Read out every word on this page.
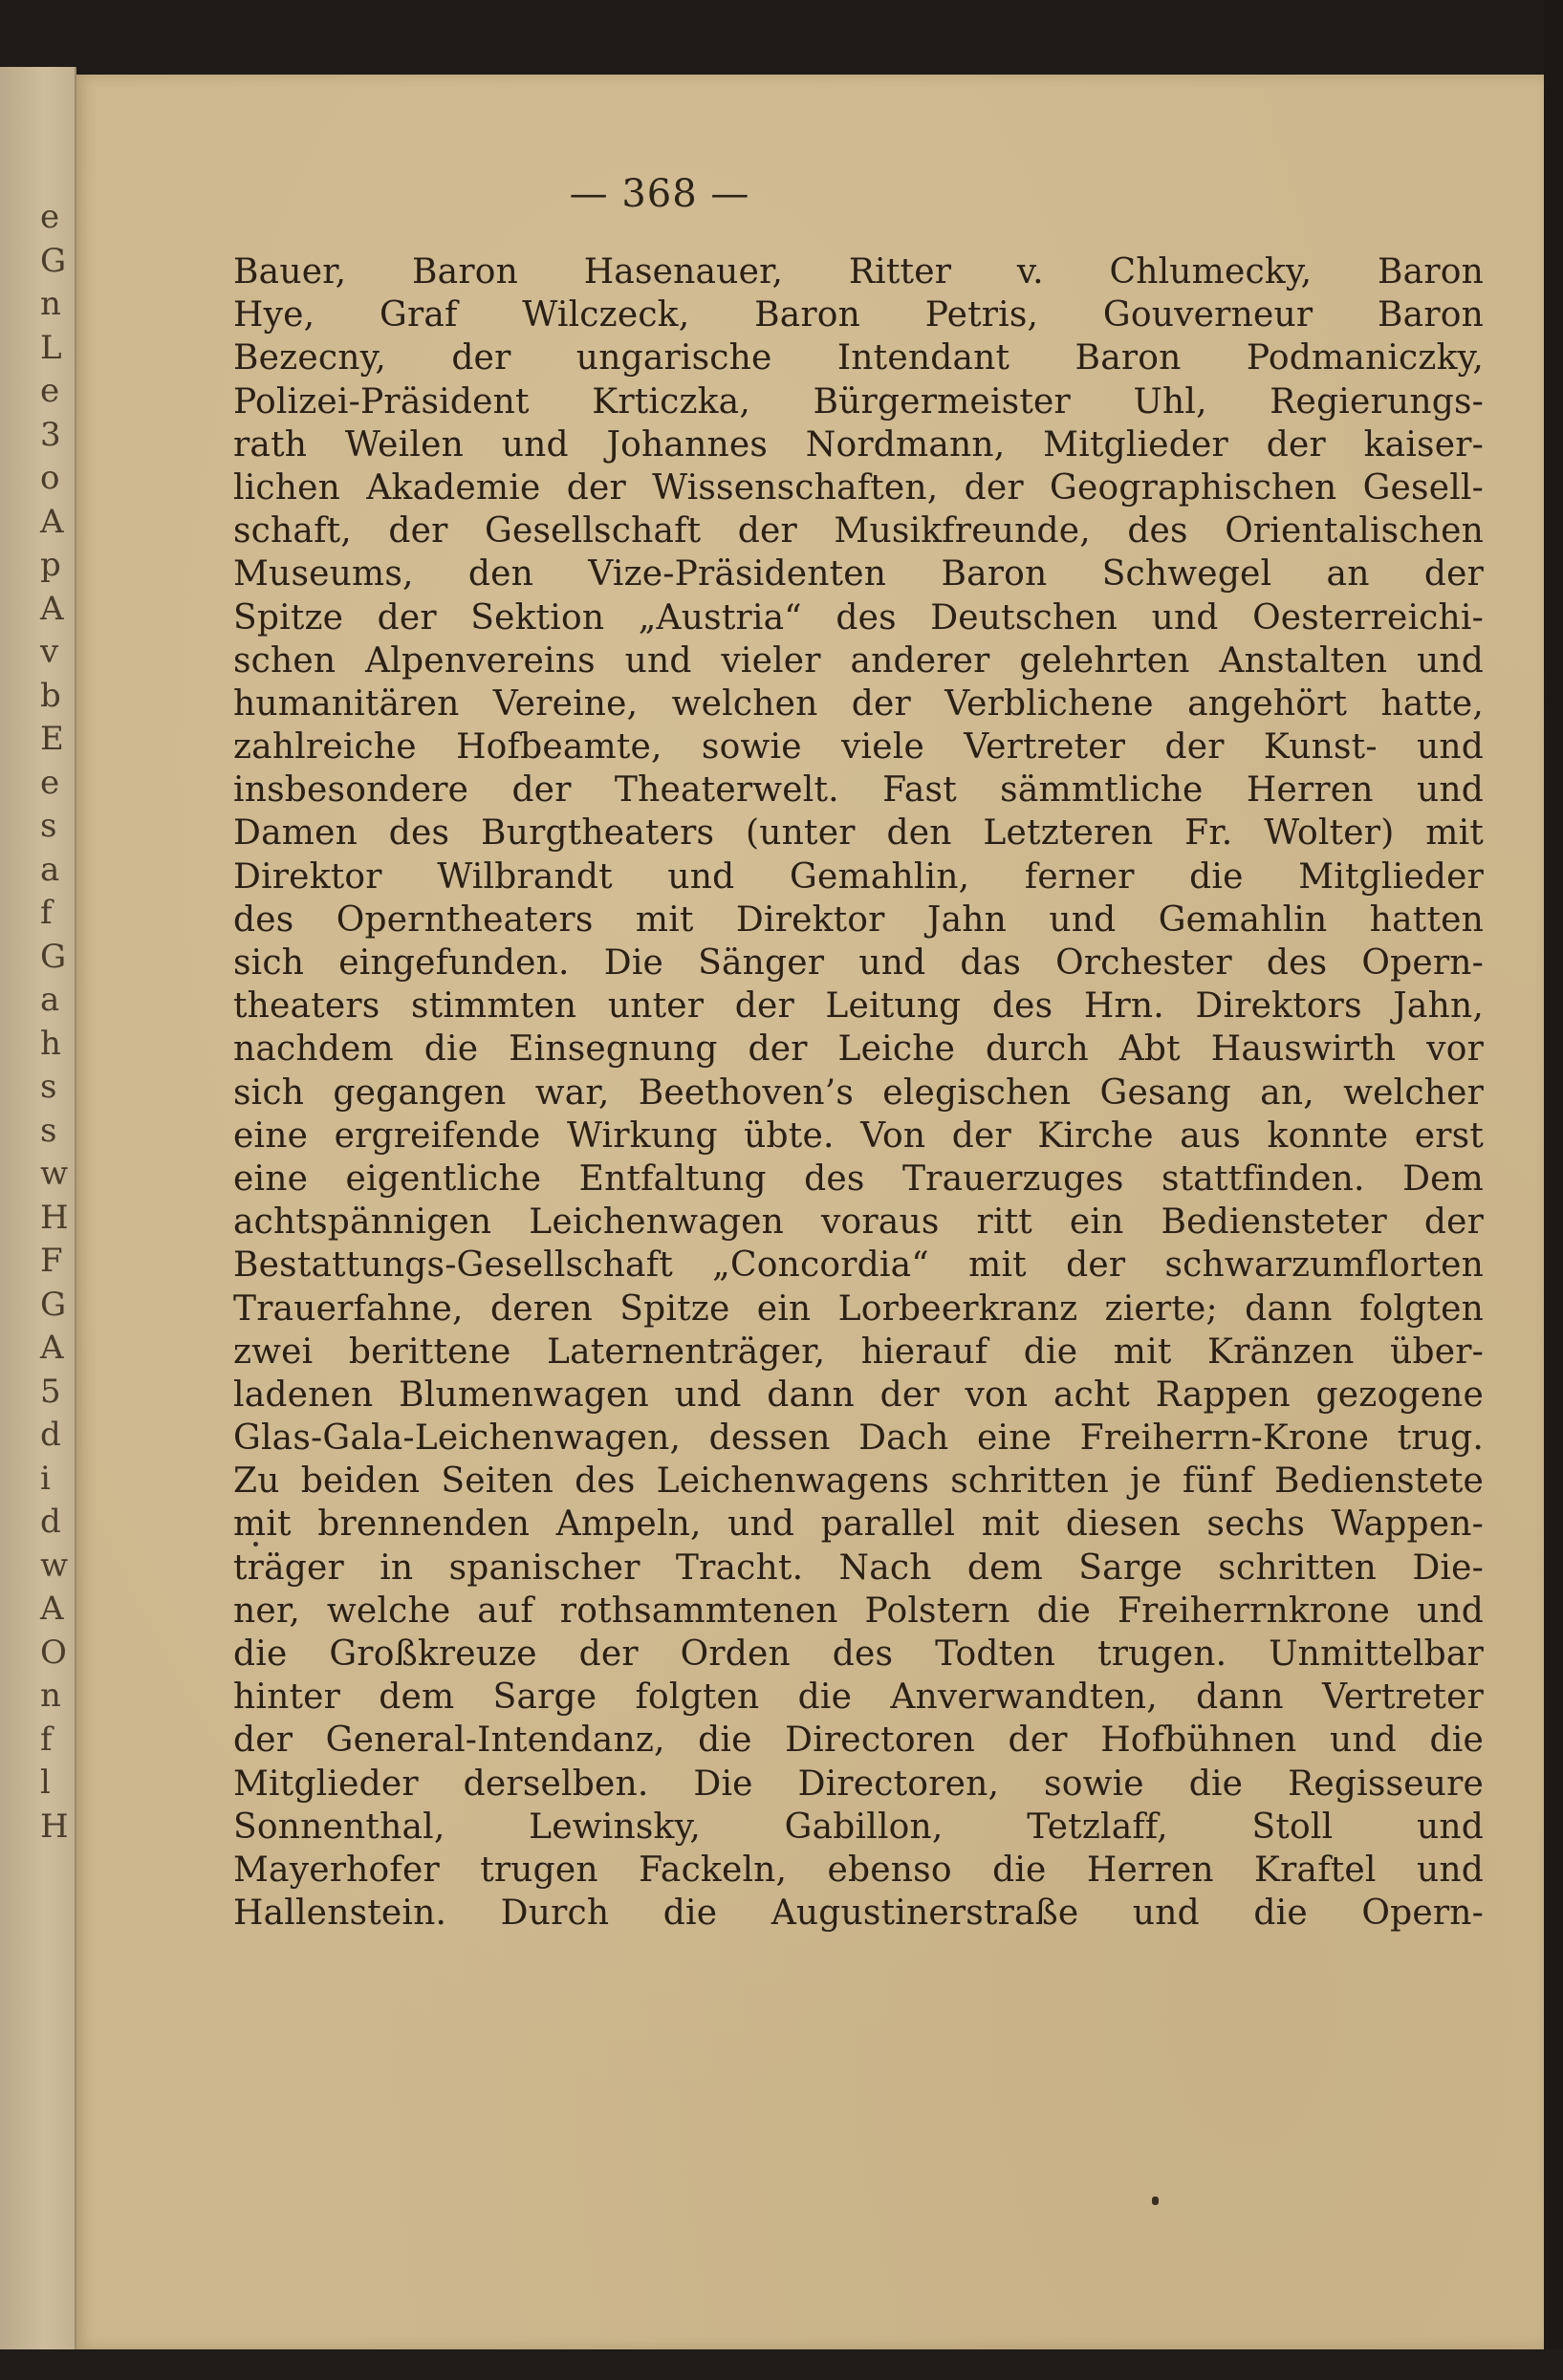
e
G
n
L
e
3
o
A
p
A
v
b
E
e
s
a
f
G
a
h
s
s
w
H
F
G
A
5
d
i
d
w
A
O
n
f
l
H
— 368 —
Bauer, Baron Hasenauer, Ritter v. Chlumecky, Baron
Hye, Graf Wilczeck, Baron Petris, Gouverneur Baron
Bezecny, der ungarische Intendant Baron Podmaniczky,
Polizei-Präsident Krticzka, Bürgermeister Uhl, Regierungs-
rath Weilen und Johannes Nordmann, Mitglieder der kaiser-
lichen Akademie der Wissenschaften, der Geographischen Gesell-
schaft, der Gesellschaft der Musikfreunde, des Orientalischen
Museums, den Vize-Präsidenten Baron Schwegel an der
Spitze der Sektion „Austria“ des Deutschen und Oesterreichi-
schen Alpenvereins und vieler anderer gelehrten Anstalten und
humanitären Vereine, welchen der Verblichene angehört hatte,
zahlreiche Hofbeamte, sowie viele Vertreter der Kunst- und
insbesondere der Theaterwelt. Fast sämmtliche Herren und
Damen des Burgtheaters (unter den Letzteren Fr. Wolter) mit
Direktor Wilbrandt und Gemahlin, ferner die Mitglieder
des Operntheaters mit Direktor Jahn und Gemahlin hatten
sich eingefunden. Die Sänger und das Orchester des Opern-
theaters stimmten unter der Leitung des Hrn. Direktors Jahn,
nachdem die Einsegnung der Leiche durch Abt Hauswirth vor
sich gegangen war, Beethoven’s elegischen Gesang an, welcher
eine ergreifende Wirkung übte. Von der Kirche aus konnte erst
eine eigentliche Entfaltung des Trauerzuges stattfinden. Dem
achtspännigen Leichenwagen voraus ritt ein Bediensteter der
Bestattungs-Gesellschaft „Concordia“ mit der schwarzumflorten
Trauerfahne, deren Spitze ein Lorbeerkranz zierte; dann folgten
zwei berittene Laternenträger, hierauf die mit Kränzen über-
ladenen Blumenwagen und dann der von acht Rappen gezogene
Glas-Gala-Leichenwagen, dessen Dach eine Freiherrn-Krone trug.
Zu beiden Seiten des Leichenwagens schritten je fünf Bedienstete
mit brennenden Ampeln, und parallel mit diesen sechs Wappen-
träger in spanischer Tracht. Nach dem Sarge schritten Die-
ner, welche auf rothsammtenen Polstern die Freiherrnkrone und
die Großkreuze der Orden des Todten trugen. Unmittelbar
hinter dem Sarge folgten die Anverwandten, dann Vertreter
der General-Intendanz, die Directoren der Hofbühnen und die
Mitglieder derselben. Die Directoren, sowie die Regisseure
Sonnenthal, Lewinsky, Gabillon, Tetzlaff, Stoll und
Mayerhofer trugen Fackeln, ebenso die Herren Kraftel und
Hallenstein. Durch die Augustinerstraße und die Opern-
